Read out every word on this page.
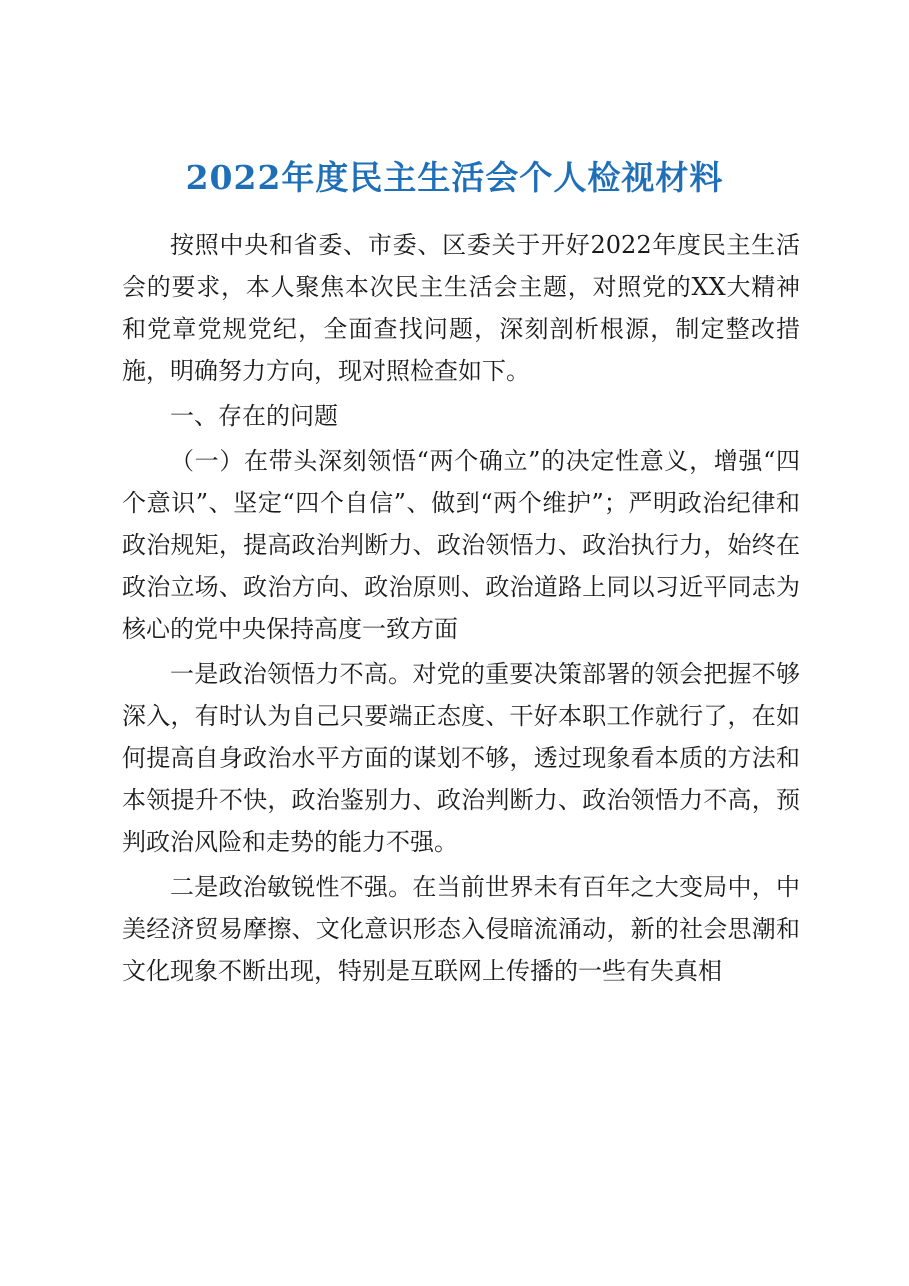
2022年度民主生活会个人检视材料

按照中央和省委、市委、区委关于开好2022年度民主生活会的要求，本人聚焦本次民主生活会主题，对照党的XX大精神和党章党规党纪，全面查找问题，深刻剖析根源，制定整改措施，明确努力方向，现对照检查如下。

一、存在的问题

（一）在带头深刻领悟“两个确立”的决定性意义，增强“四个意识”、坚定“四个自信”、做到“两个维护”；严明政治纪律和政治规矩，提高政治判断力、政治领悟力、政治执行力，始终在政治立场、政治方向、政治原则、政治道路上同以习近平同志为核心的党中央保持高度一致方面

一是政治领悟力不高。对党的重要决策部署的领会把握不够深入，有时认为自己只要端正态度、干好本职工作就行了，在如何提高自身政治水平方面的谋划不够，透过现象看本质的方法和本领提升不快，政治鉴别力、政治判断力、政治领悟力不高，预判政治风险和走势的能力不强。

二是政治敏锐性不强。在当前世界未有百年之大变局中，中美经济贸易摩擦、文化意识形态入侵暗流涌动，新的社会思潮和文化现象不断出现，特别是互联网上传播的一些有失真相
